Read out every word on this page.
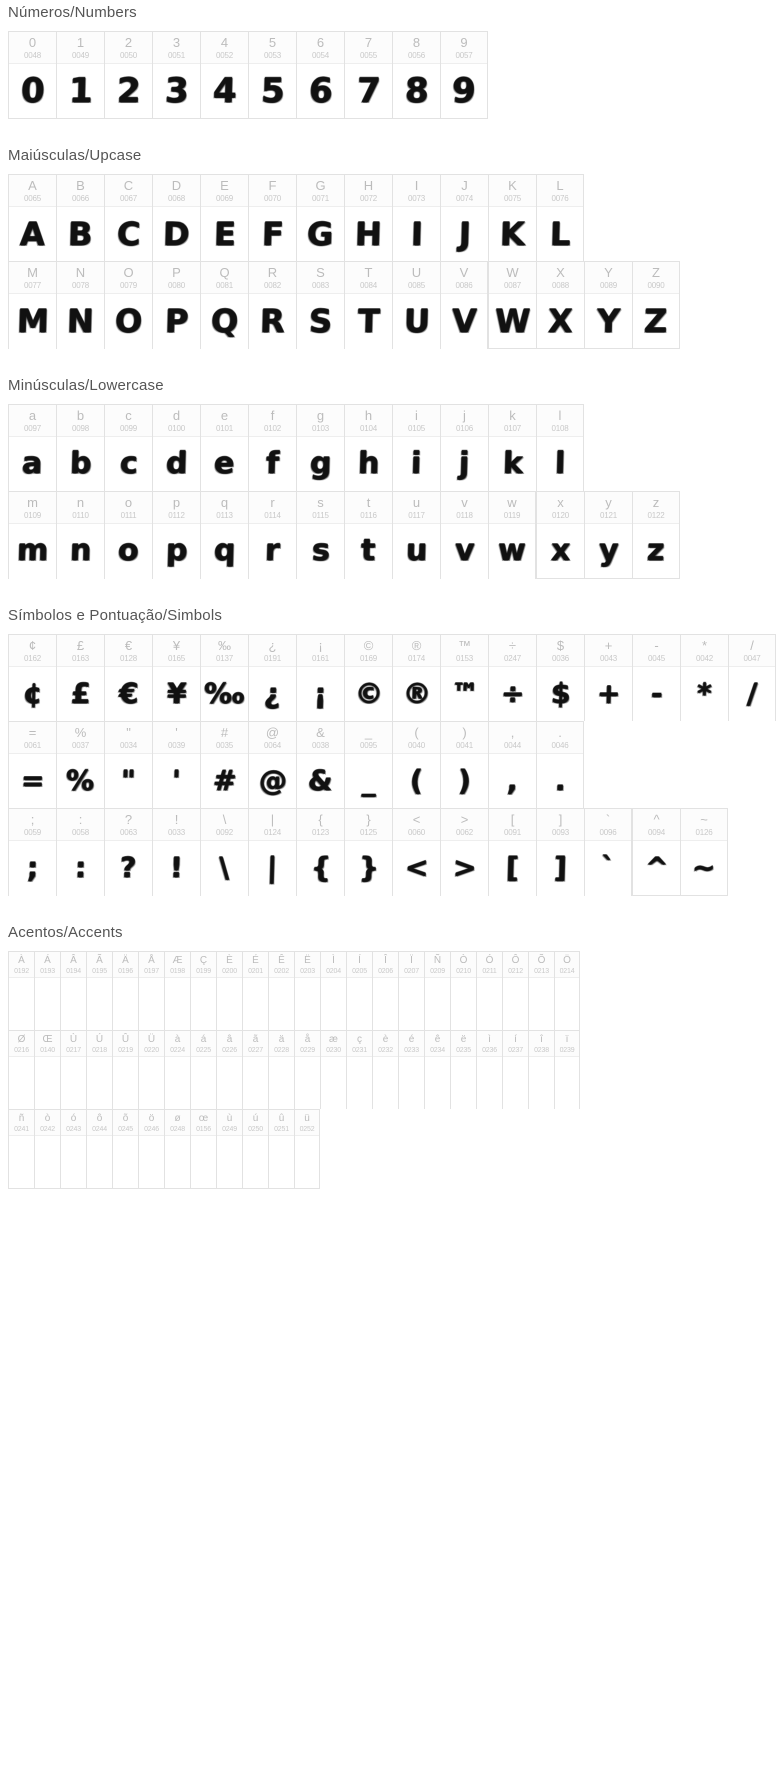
Números/Numbers
0
0048
0
1
0049
1
2
0050
2
3
0051
3
4
0052
4
5
0053
5
6
0054
6
7
0055
7
8
0056
8
9
0057
9
Maiúsculas/Upcase
A
0065
A
B
0066
B
C
0067
C
D
0068
D
E
0069
E
F
0070
F
G
0071
G
H
0072
H
I
0073
I
J
0074
J
K
0075
K
L
0076
L
M
0077
M
N
0078
N
O
0079
O
P
0080
P
Q
0081
Q
R
0082
R
S
0083
S
T
0084
T
U
0085
U
V
0086
V
W
0087
W
X
0088
X
Y
0089
Y
Z
0090
Z
Minúsculas/Lowercase
a
0097
a
b
0098
b
c
0099
c
d
0100
d
e
0101
e
f
0102
f
g
0103
g
h
0104
h
i
0105
i
j
0106
j
k
0107
k
l
0108
l
m
0109
m
n
0110
n
o
0111
o
p
0112
p
q
0113
q
r
0114
r
s
0115
s
t
0116
t
u
0117
u
v
0118
v
w
0119
w
x
0120
x
y
0121
y
z
0122
z
Símbolos e Pontuação/Simbols
¢
0162
¢
£
0163
£
€
0128
€
¥
0165
¥
‰
0137
‰
¿
0191
¿
¡
0161
¡
©
0169
©
®
0174
®
™
0153
™
÷
0247
÷
$
0036
$
+
0043
+
-
0045
-
*
0042
*
/
0047
/
=
0061
=
%
0037
%
"
0034
"
'
0039
'
#
0035
#
@
0064
@
&
0038
&
_
0095
_
(
0040
(
)
0041
)
,
0044
,
.
0046
.
;
0059
;
:
0058
:
?
0063
?
!
0033
!
\
0092
\
|
0124
|
{
0123
{
}
0125
}
<
0060
<
>
0062
>
[
0091
[
]
0093
]
`
0096
`
^
0094
^
~
0126
~
Acentos/Accents
À
0192
Á
0193
Â
0194
Ã
0195
Ä
0196
Å
0197
Æ
0198
Ç
0199
È
0200
É
0201
Ê
0202
Ë
0203
Ì
0204
Í
0205
Î
0206
Ï
0207
Ñ
0209
Ò
0210
Ó
0211
Ô
0212
Õ
0213
Ö
0214
Ø
0216
Œ
0140
Ù
0217
Ú
0218
Û
0219
Ü
0220
à
0224
á
0225
â
0226
ã
0227
ä
0228
å
0229
æ
0230
ç
0231
è
0232
é
0233
ê
0234
ë
0235
ì
0236
í
0237
î
0238
ï
0239
ñ
0241
ò
0242
ó
0243
ô
0244
õ
0245
ö
0246
ø
0248
œ
0156
ù
0249
ú
0250
û
0251
ü
0252
